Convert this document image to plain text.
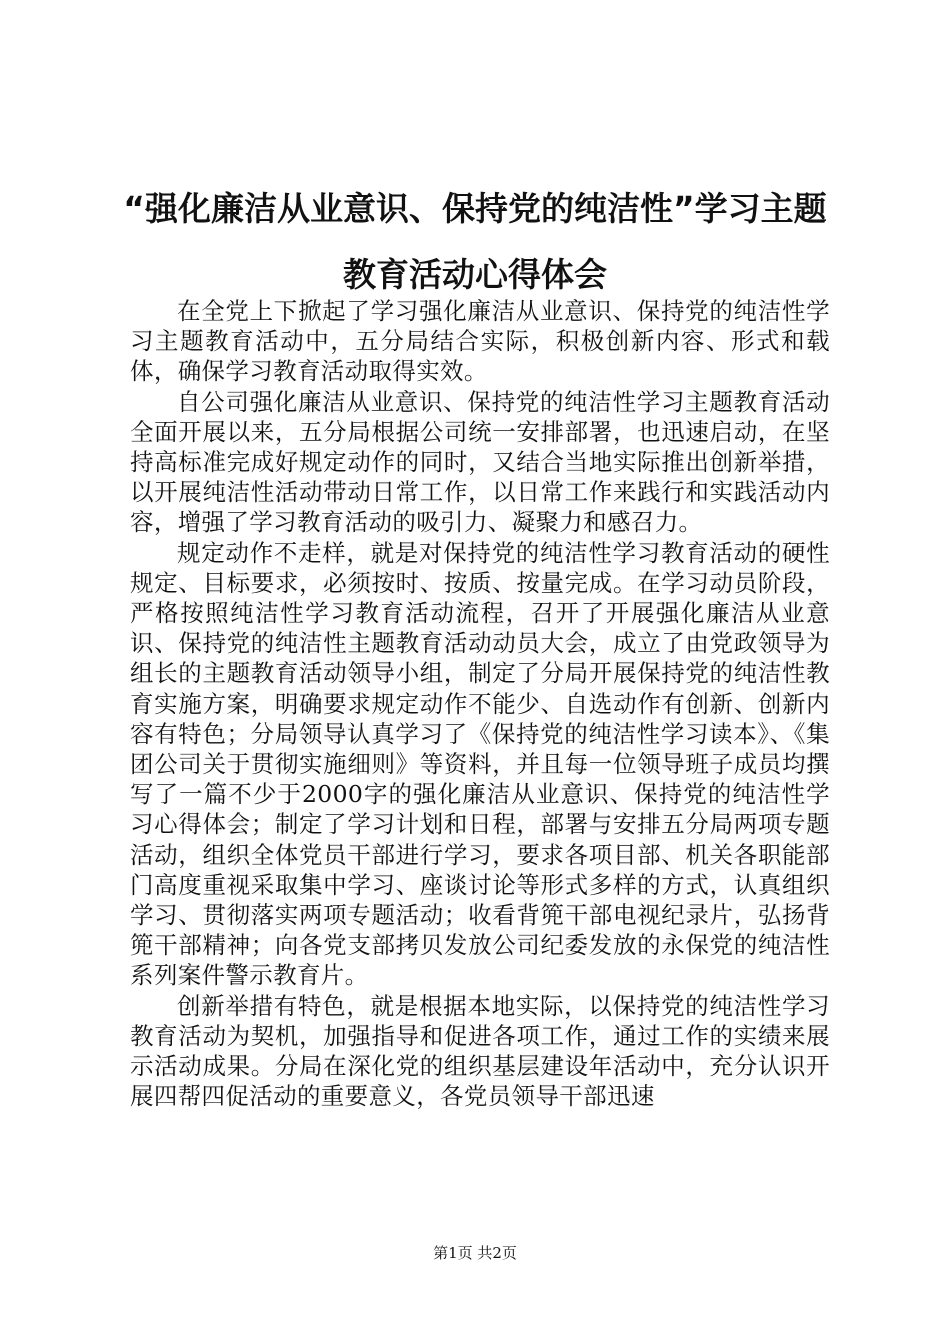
“强化廉洁从业意识、保持党的纯洁性”学习主题教育活动心得体会

在全党上下掀起了学习强化廉洁从业意识、保持党的纯洁性学习主题教育活动中，五分局结合实际，积极创新内容、形式和载体，确保学习教育活动取得实效。

自公司强化廉洁从业意识、保持党的纯洁性学习主题教育活动全面开展以来，五分局根据公司统一安排部署，也迅速启动，在坚持高标准完成好规定动作的同时，又结合当地实际推出创新举措，以开展纯洁性活动带动日常工作，以日常工作来践行和实践活动内容，增强了学习教育活动的吸引力、凝聚力和感召力。

规定动作不走样，就是对保持党的纯洁性学习教育活动的硬性规定、目标要求，必须按时、按质、按量完成。在学习动员阶段，严格按照纯洁性学习教育活动流程，召开了开展强化廉洁从业意识、保持党的纯洁性主题教育活动动员大会，成立了由党政领导为组长的主题教育活动领导小组，制定了分局开展保持党的纯洁性教育实施方案，明确要求规定动作不能少、自选动作有创新、创新内容有特色；分局领导认真学习了《保持党的纯洁性学习读本》、《集团公司关于贯彻实施细则》等资料，并且每一位领导班子成员均撰写了一篇不少于2000字的强化廉洁从业意识、保持党的纯洁性学习心得体会；制定了学习计划和日程，部署与安排五分局两项专题活动，组织全体党员干部进行学习，要求各项目部、机关各职能部门高度重视采取集中学习、座谈讨论等形式多样的方式，认真组织学习、贯彻落实两项专题活动；收看背篼干部电视纪录片，弘扬背篼干部精神；向各党支部拷贝发放公司纪委发放的永保党的纯洁性系列案件警示教育片。

创新举措有特色，就是根据本地实际，以保持党的纯洁性学习教育活动为契机，加强指导和促进各项工作，通过工作的实绩来展示活动成果。分局在深化党的组织基层建设年活动中，充分认识开展四帮四促活动的重要意义，各党员领导干部迅速

第1页 共2页
